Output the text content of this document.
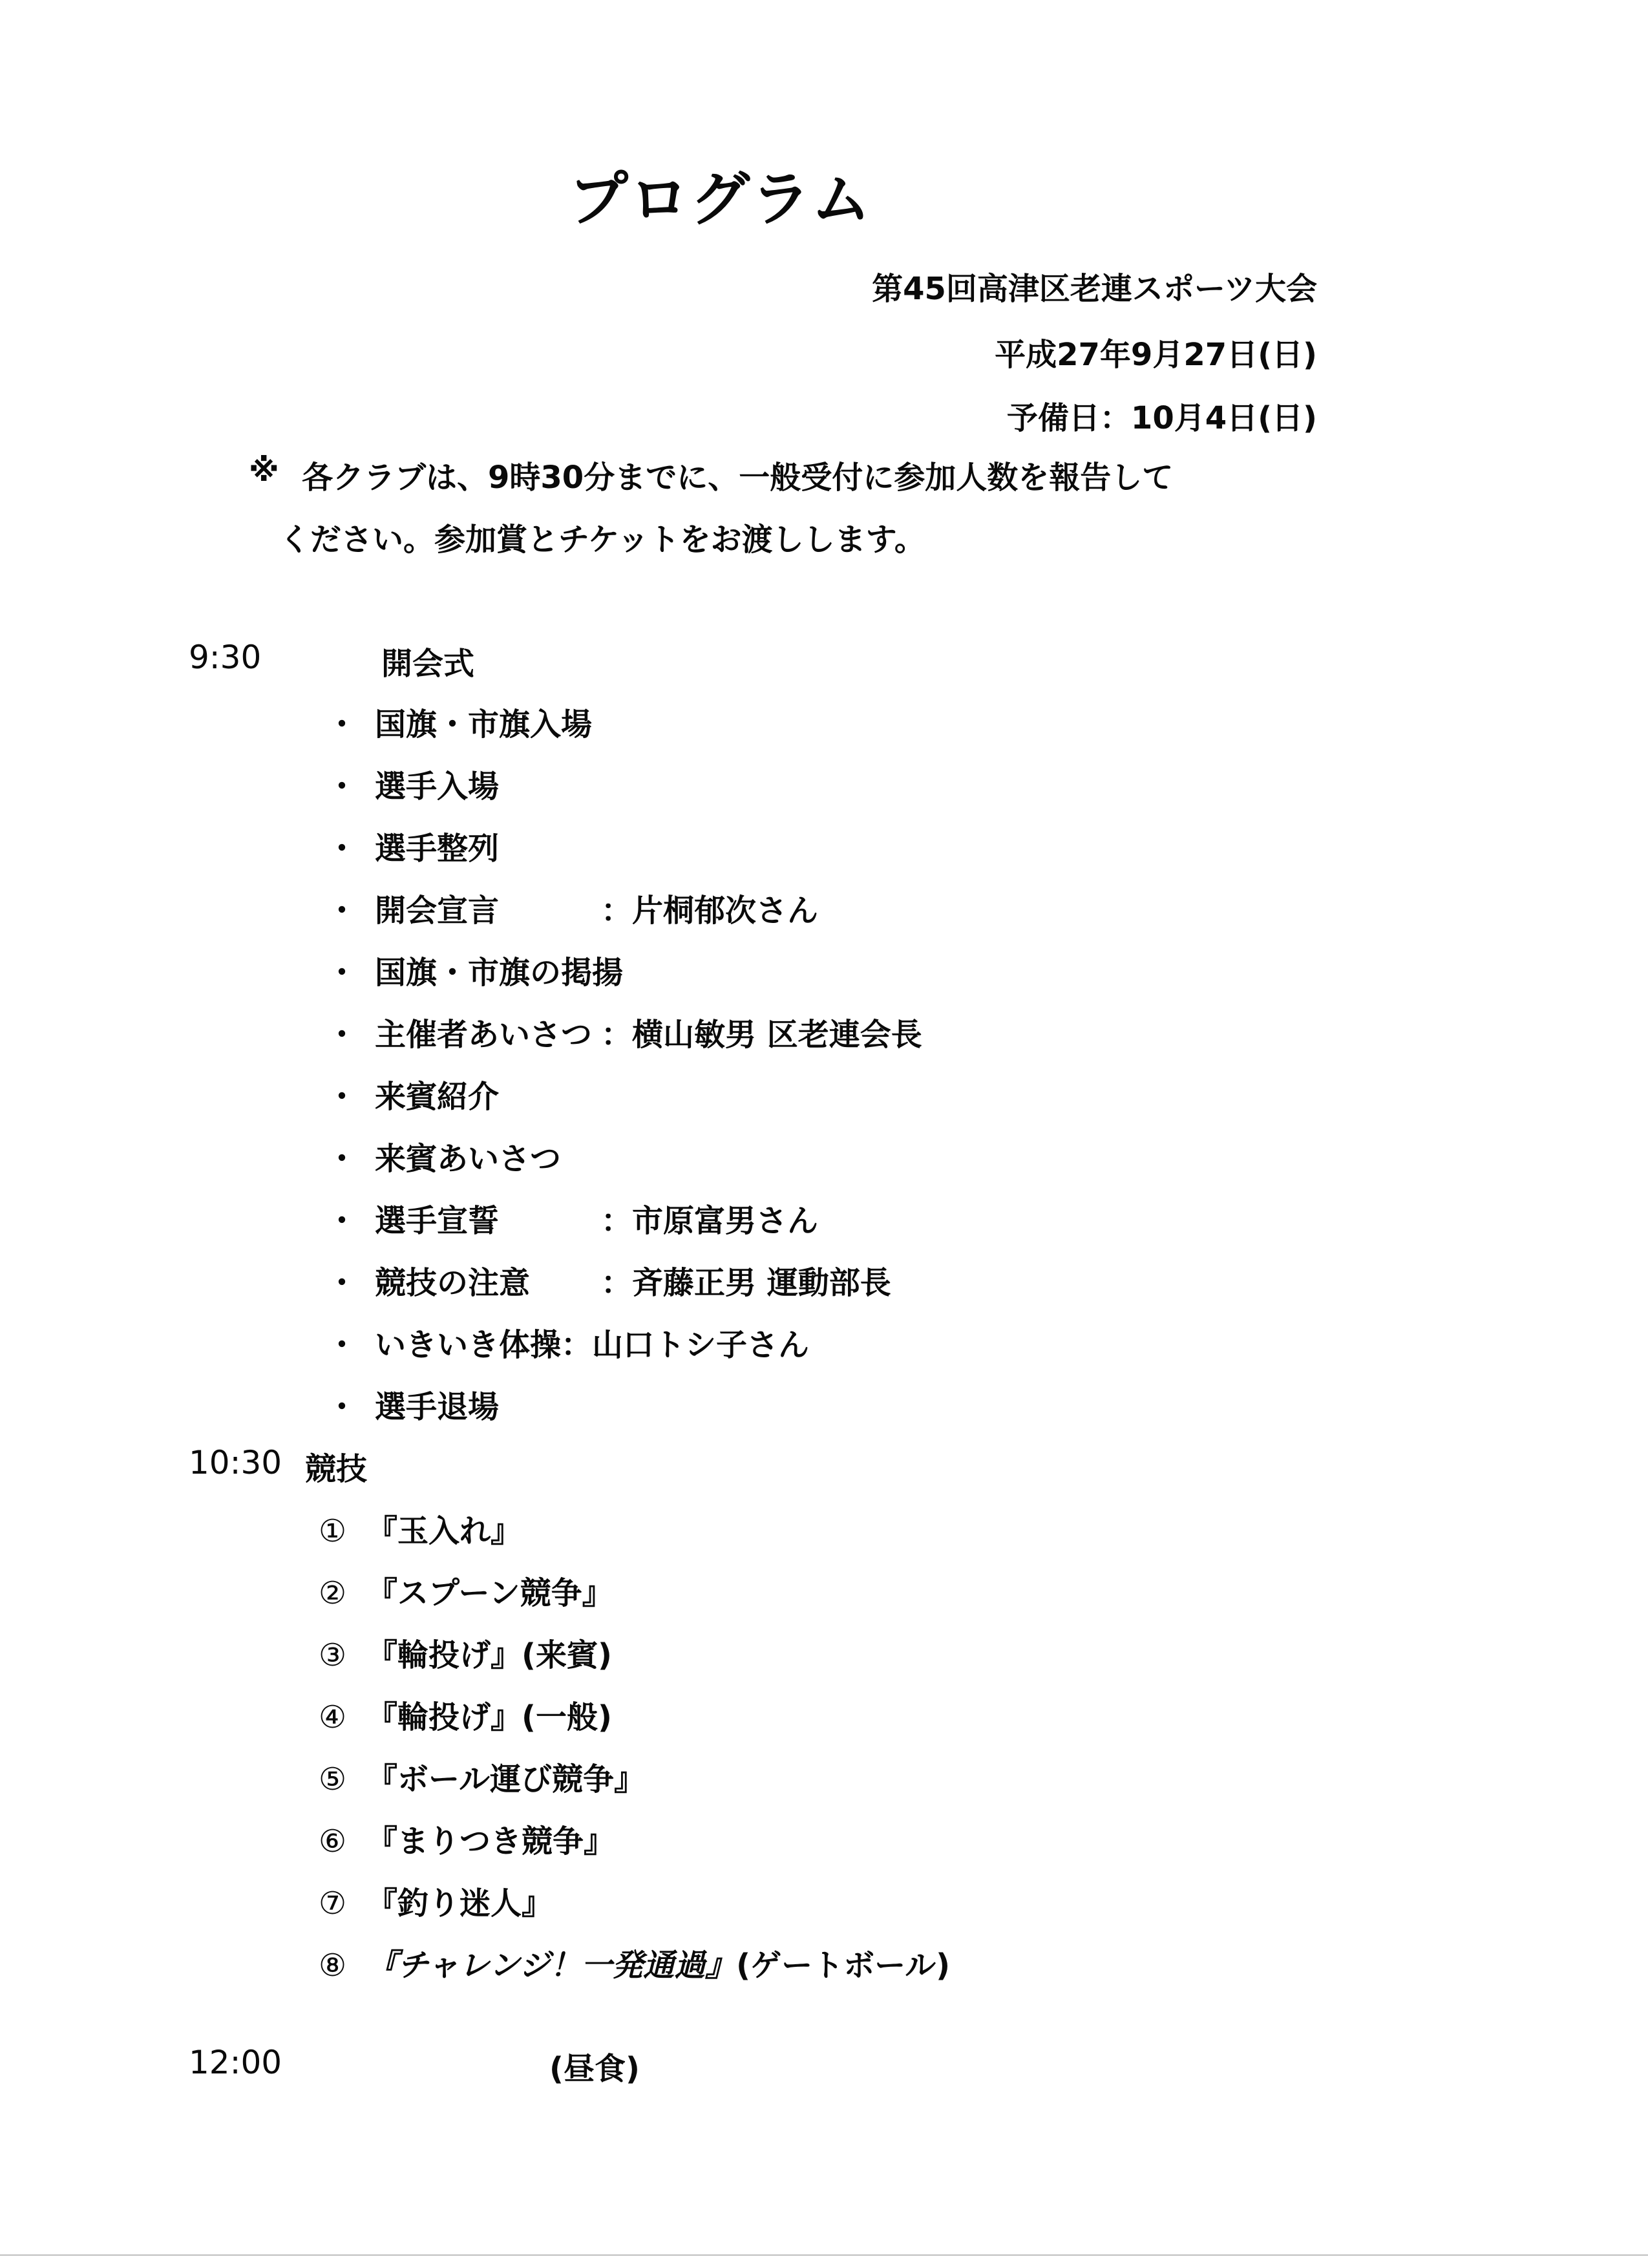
プログラム
第45回高津区老連スポーツ大会
平成27年9月27日(日)
予備日：10月4日(日)
※ 各クラブは、9時30分までに、一般受付に参加人数を報告して
ください。参加賞とチケットをお渡しします。
9:30	開会式
・ 国旗・市旗入場
・ 選手入場
・ 選手整列
・ 開会宣言	：片桐郁次さん
・ 国旗・市旗の掲揚
・ 主催者あいさつ ：横山敏男 区老連会長
・ 来賓紹介
・ 来賓あいさつ
・ 選手宣誓	：市原富男さん
・ 競技の注意 ：斉藤正男 運動部長
・ いきいき体操：山口トシ子さん
・ 選手退場
10:30 競技
① 『玉入れ』
② 『スプーン競争』
③ 『輪投げ』(来賓)
④ 『輪投げ』(一般)
⑤ 『ボール運び競争』
⑥ 『まりつき競争』
⑦ 『釣り迷人』
⑧ 『チャレンジ！一発通過』(ゲートボール)
12:00	(昼食)
